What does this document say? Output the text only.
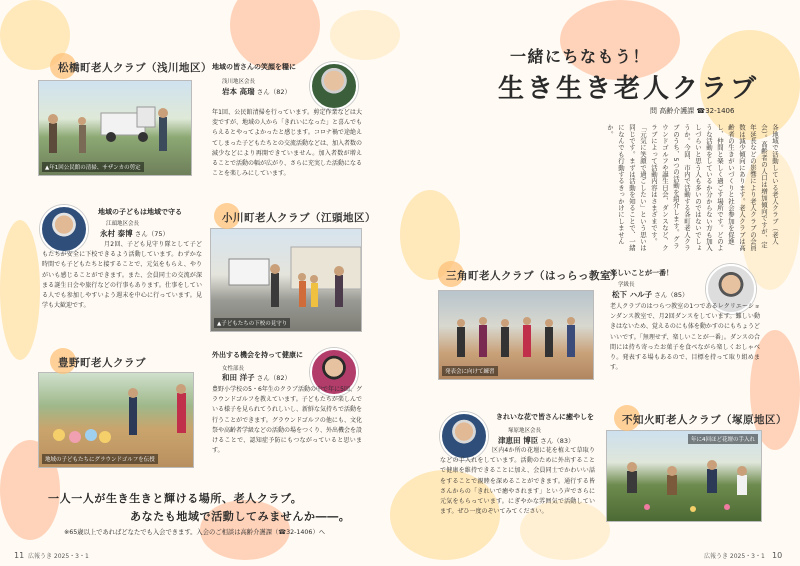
松橋町老人クラブ（浅川地区）
▲年1回公民館の清掃、サザンカの剪定
地域の皆さんの笑顔を糧に
浅川地区会長
岩本 高瑞 さん（82）
年1回、公民館清掃を行っています。剪定作業などは大変ですが、地域の人から「きれいになった」と喜んでもらえるとやってよかったと感じます。コロナ禍で途絶えてしまった子どもたちとの交流活動などは、加入者数の減少などにより再開できていません。加入者数が増えることで活動の幅が広がり、さらに充実した活動になることを楽しみにしています。
地域の子どもは地域で守る
江頭地区会長
永村 泰博 さん（75）
月2回、子ども見守り隊として子どもたちが安全に下校できるよう活動しています。わずかな時間でも子どもたちと接することで、元気をもらえ、やりがいも感じることができます。また、会員同士の交流が深まる誕生日会や旅行などの行事もあります。仕事をしている人でも参加しやすいよう週末を中心に行っています。見学も大歓迎です。
小川町老人クラブ（江頭地区）
▲子どもたちの下校の見守り
豊野町老人クラブ
地域の子どもたちにグラウンドゴルフを伝授
外出する機会を持って健康に
女性部長
和田 洋子 さん（82）
豊野小学校の5・6年生のクラブ活動の中で年に5回、グラウンドゴルフを教えています。子どもたちが楽しんでいる様子を見られてうれしいし、新鮮な気持ちで活動を行うことができます。グラウンドゴルフの他にも、文化祭や高齢者学級などの活動の場をつくり、外出機会を設けることで、認知症予防にもつながっていると思います。
一人一人が生き生きと輝ける場所、老人クラブ。
あなたも地域で活動してみませんか――。
※65歳以上であればどなたでも入会できます。入会のご相談は高齢介護課（☎32-1406）へ
一緒にちなもう！
生き生き老人クラブ
問 高齢介護課 ☎32-1406
各地域で活動している老人クラブ（老人会）。高齢者の人口は増加傾向ですが、定年延長などの影響により老人クラブの会員数は減少傾向にあります。老人クラブは高齢者の生きがいづくりと社会参加を促進し、仲間と楽しく過ごす場所です。どのような活動をしているか分からない方も加入しづらいと思う人も多いのではないでしょうか。今回、市内で活動する各町老人クラブのうち、5つの活動を紹介します。グラウンドゴルフや誕生日会、ダンスなど、クラブによって活動内容はさまざまです。「元気に笑顔で過ごしたい」という思いは同じです。まずは活動を知ることで、一緒になんでも行動するきっかけにしませんか。
三角町老人クラブ（はっらっ教室）
発表会に向けて練習
楽しいことが一番！
学級長
松下 ハル子 さん（85）
老人クラブのはつらつ教室の1つであるレクリエーションダンス教室で、月2回ダンスをしています。難しい動きはないため、覚えるのにも体を動かすのにもちょうどいいです。「無理せず、楽しいことが一番」。ダンスの合間には持ち寄ったお菓子を食べながら楽しくおしゃべり。発表する場もあるので、目標を持って取り組めます。
きれいな花で皆さんに癒やしを
塚原地区会長
津恵田 博臣 さん（83）
区内4か所の花壇に花を植えて草取りなどの手入れをしています。活動のために外出することで健康を維持できることに加え、会員同士でかわいい話をすることで親睦を深めることができます。通行する皆さんからの「きれいで癒やされます」という声でさらに元気をもらっています。にぎやかな雰囲気で活動しています。ぜひ一度のぞいてみてください。
不知火町老人クラブ（塚原地区）
年に4回ほど花壇の手入れ
11 広報うき 2025・3・1	広報うき 2025・3・1 10
